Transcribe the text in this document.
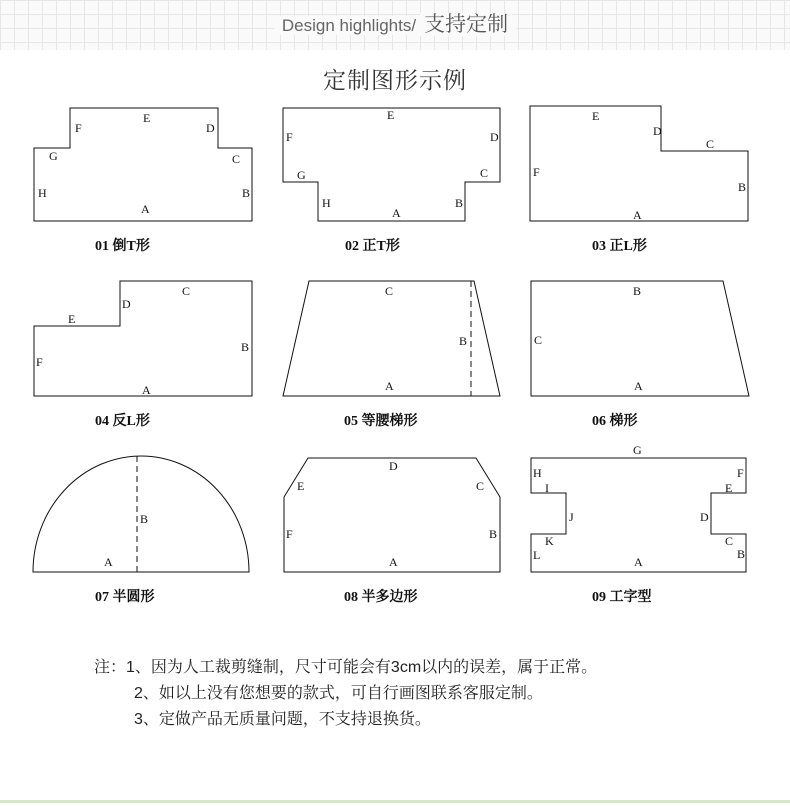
Design highlights/ 支持定制
定制图形示例
A
B
C
D
E
F
G
H
A
B
C
D
E
F
G
H
A
B
C
D
E
F
A
B
C
D
E
F
A
B
C
A
B
C
A
B
A
B
C
D
E
F
A
B
C
D
E
F
G
H
I
J
K
L
01 倒T形	02 正T形	03 正L形
04 反L形	05 等腰梯形	06 梯形
07 半圆形	08 半多边形	09 工字型
注：1、因为人工裁剪缝制，尺寸可能会有3cm以内的误差，属于正常。
2、如以上没有您想要的款式，可自行画图联系客服定制。
3、定做产品无质量问题，不支持退换货。
